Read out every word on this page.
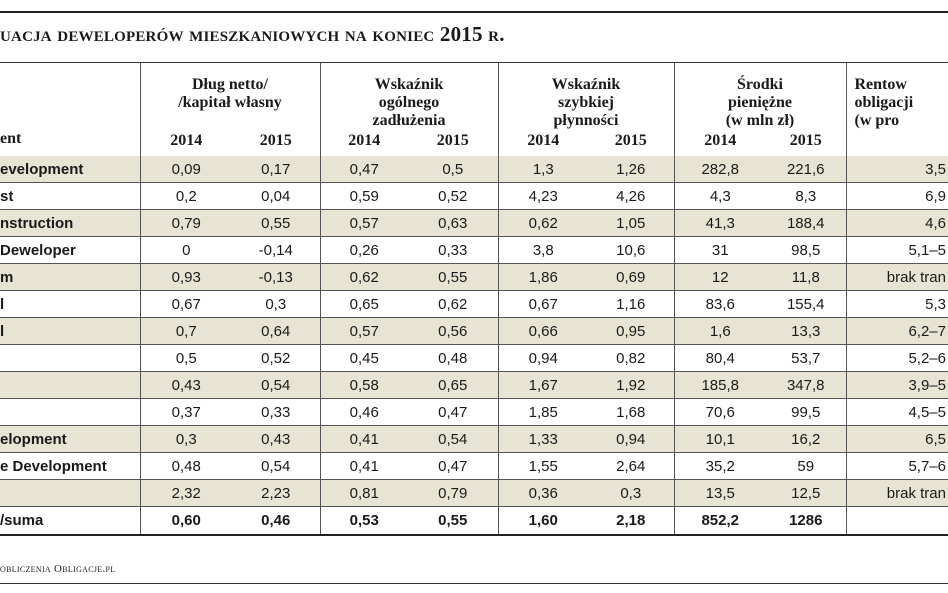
uacja deweloperów mieszkaniowych na koniec 2015 r.
ent	Dług netto/
/kapitał własny		Wskaźnik
ogólnego
zadłużenia		Wskaźnik
szybkiej
płynności		Środki
pieniężne
(w mln zł)		Rentow
obligacji
(w pro
	2014	2015	2014	2015	2014	2015	2014	2015	
evelopment	0,09	0,17	0,47	0,5	1,3	1,26	282,8	221,6	3,5
st	0,2	0,04	0,59	0,52	4,23	4,26	4,3	8,3	6,9
nstruction	0,79	0,55	0,57	0,63	0,62	1,05	41,3	188,4	4,6
Deweloper	0	-0,14	0,26	0,33	3,8	10,6	31	98,5	5,1–5
m	0,93	-0,13	0,62	0,55	1,86	0,69	12	11,8	brak tran
l	0,67	0,3	0,65	0,62	0,67	1,16	83,6	155,4	5,3
l	0,7	0,64	0,57	0,56	0,66	0,95	1,6	13,3	6,2–7
	0,5	0,52	0,45	0,48	0,94	0,82	80,4	53,7	5,2–6
	0,43	0,54	0,58	0,65	1,67	1,92	185,8	347,8	3,9–5
	0,37	0,33	0,46	0,47	1,85	1,68	70,6	99,5	4,5–5
elopment	0,3	0,43	0,41	0,54	1,33	0,94	10,1	16,2	6,5
e Development	0,48	0,54	0,41	0,47	1,55	2,64	35,2	59	5,7–6
	2,32	2,23	0,81	0,79	0,36	0,3	13,5	12,5	brak tran
/suma	0,60	0,46	0,53	0,55	1,60	2,18	852,2	1286	
obliczenia Obligacje.pl
